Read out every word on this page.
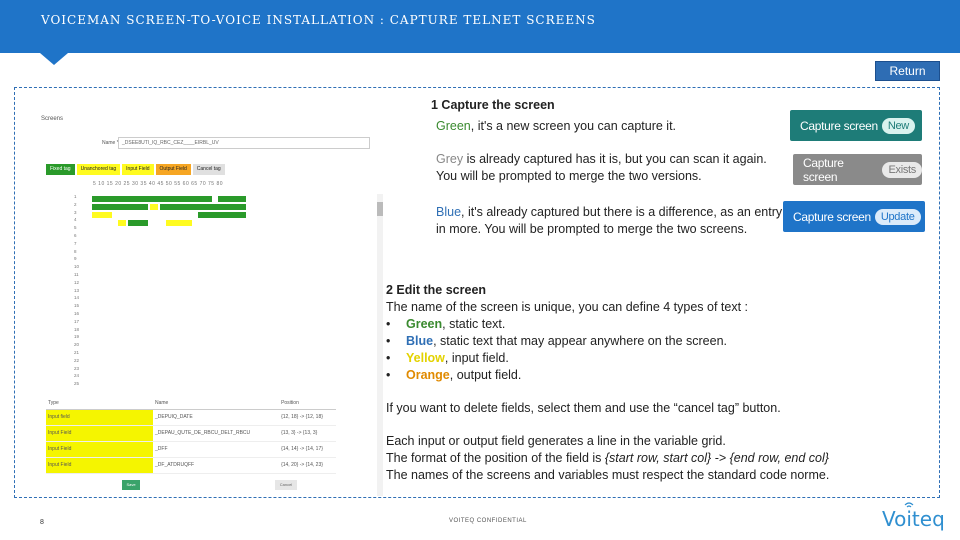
VOICEMAN SCREEN-TO-VOICE INSTALLATION : CAPTURE TELNET SCREENS
Return
Screens
Name * _DSEE8UTI_IQ_RBC_CEZ____EIRBL_UV
Fixed tag	Unanchored tag	Input Field	Output Field	Cancel tag
5 10 15 20 25 30 35 40 45 50 55 60 65 70 75 80
1
2
3
4
5
6
7
8
9
10
11
12
13
14
15
16
17
18
19
20
21
22
23
24
25
Type	Name	Position
Input field	_DEPUIQ_DATE	{12, 18} -> {12, 18}
Input Field	_DEPAU_QUTE_DE_RBCU_DELT_RBCU	{13, 3} -> {13, 3}
Input Field	_DFF	{14, 14} -> {14, 17}
Input Field	_DF_ATDRUQFF	{14, 20} -> {14, 23}
Save	Cancel
1 Capture the screen
Green, it's a new screen you can capture it.
Grey is already captured has it is, but you can scan it again. You will be prompted to merge the two versions.
Blue, it's already captured but there is a difference, as an entry in more. You will be prompted to merge the two screens.
Capture screen New
Capture screen	Exists
Capture screen Update
2 Edit the screen
The name of the screen is unique, you can define 4 types of text :
• Green, static text.
• Blue, static text that may appear anywhere on the screen.
• Yellow, input field.
• Orange, output field.
If you want to delete fields, select them and use the “cancel tag” button.
Each input or output field generates a line in the variable grid.
The format of the position of the field is {start row, start col} -> {end row, end col}
The names of the screens and variables must respect the standard code norme.
8	VOITEQ CONFIDENTIAL	Voiteq
